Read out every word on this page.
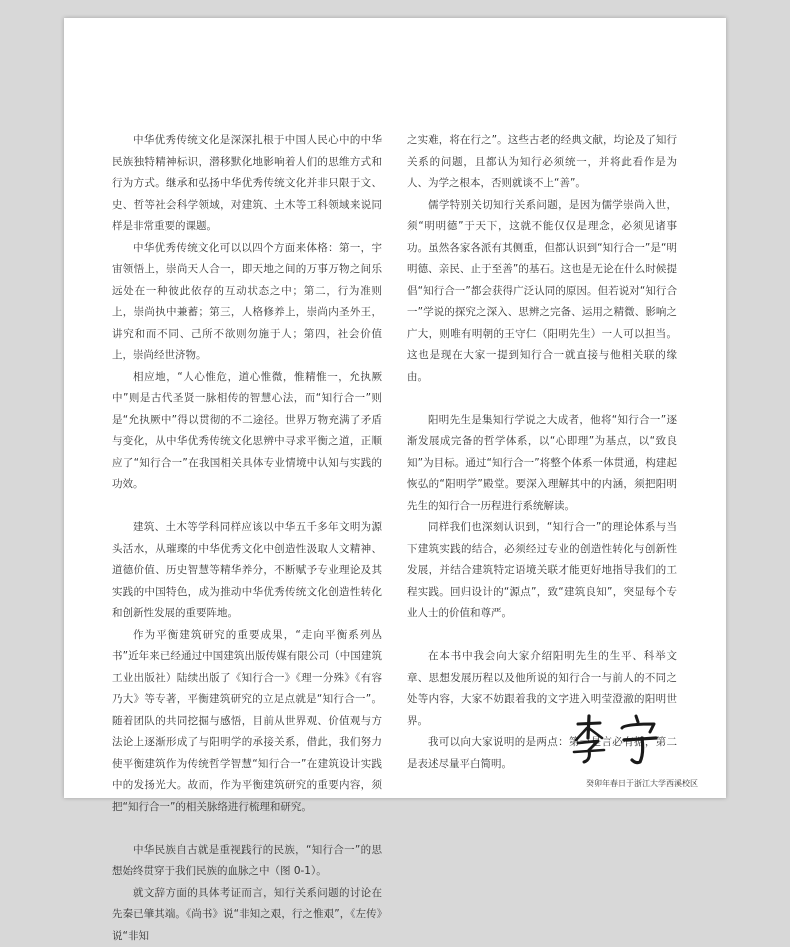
中华优秀传统文化是深深扎根于中国人民心中的中华民族独特精神标识，潜移默化地影响着人们的思维方式和行为方式。继承和弘扬中华优秀传统文化并非只限于文、史、哲等社会科学领域，对建筑、土木等工科领域来说同样是非常重要的课题。

中华优秀传统文化可以以四个方面来体格：第一，宇宙领悟上，崇尚天人合一，即天地之间的万事万物之间乐远处在一种彼此依存的互动状态之中；第二，行为准则上，崇尚执中兼蓄；第三，人格修养上，崇尚内圣外王，讲究和而不同、己所不欲则勿施于人；第四，社会价值上，崇尚经世济物。

相应地，“人心惟危，道心惟微，惟精惟一，允执厥中”则是古代圣贤一脉相传的智慧心法，而“知行合一”则是“允执厥中”得以贯彻的不二途径。世界万物充满了矛盾与变化，从中华优秀传统文化思辨中寻求平衡之道，正顺应了“知行合一”在我国相关具体专业情境中认知与实践的功效。

建筑、土木等学科同样应该以中华五千多年文明为源头活水，从璀璨的中华优秀文化中创造性汲取人文精神、道德价值、历史智慧等精华养分，不断赋予专业理论及其实践的中国特色，成为推动中华优秀传统文化创造性转化和创新性发展的重要阵地。

作为平衡建筑研究的重要成果，“走向平衡系列丛书”近年来已经通过中国建筑出版传媒有限公司（中国建筑工业出版社）陆续出版了《知行合一》《理一分殊》《有容乃大》等专著，平衡建筑研究的立足点就是“知行合一”。随着团队的共同挖掘与感悟，目前从世界观、价值观与方法论上逐渐形成了与阳明学的承接关系，借此，我们努力使平衡建筑作为传统哲学智慧“知行合一”在建筑设计实践中的发扬光大。故而，作为平衡建筑研究的重要内容，须把“知行合一”的相关脉络进行梳理和研究。

中华民族自古就是重视践行的民族，“知行合一”的思想始终贯穿于我们民族的血脉之中（图 0-1）。

就文辞方面的具体考证而言，知行关系问题的讨论在先秦已肇其端。《尚书》说“非知之艰，行之惟艰”，《左传》说“非知

之实难，将在行之”。这些古老的经典文献，均论及了知行关系的问题，且都认为知行必须统一，并将此看作是为人、为学之根本，否则就谈不上“善”。

儒学特别关切知行关系问题，是因为儒学崇尚入世，须“明明德”于天下，这就不能仅仅是理念，必须见诸事功。虽然各家各派有其侧重，但都认识到“知行合一”是“明明德、亲民、止于至善”的基石。这也是无论在什么时候提倡“知行合一”都会获得广泛认同的原因。但若说对“知行合一”学说的探究之深入、思辨之完备、运用之精微、影响之广大，则唯有明朝的王守仁（阳明先生）一人可以担当。这也是现在大家一提到知行合一就直接与他相关联的缘由。

阳明先生是集知行学说之大成者，他将“知行合一”逐渐发展成完备的哲学体系，以“心即理”为基点，以“致良知”为目标。通过“知行合一”将整个体系一体贯通，构建起恢弘的“阳明学”殿堂。要深入理解其中的内涵，须把阳明先生的知行合一历程进行系统解读。

同样我们也深刻认识到，“知行合一”的理论体系与当下建筑实践的结合，必须经过专业的创造性转化与创新性发展，并结合建筑特定语境关联才能更好地指导我们的工程实践。回归设计的“源点”，致“建筑良知”，突显每个专业人士的价值和尊严。

在本书中我会向大家介绍阳明先生的生平、科举文章、思想发展历程以及他所说的知行合一与前人的不同之处等内容，大家不妨跟着我的文字进入明莹澄澈的阳明世界。

我可以向大家说明的是两点：第一是言必有据，第二是表述尽量平白简明。

癸卯年春日于浙江大学西溪校区
